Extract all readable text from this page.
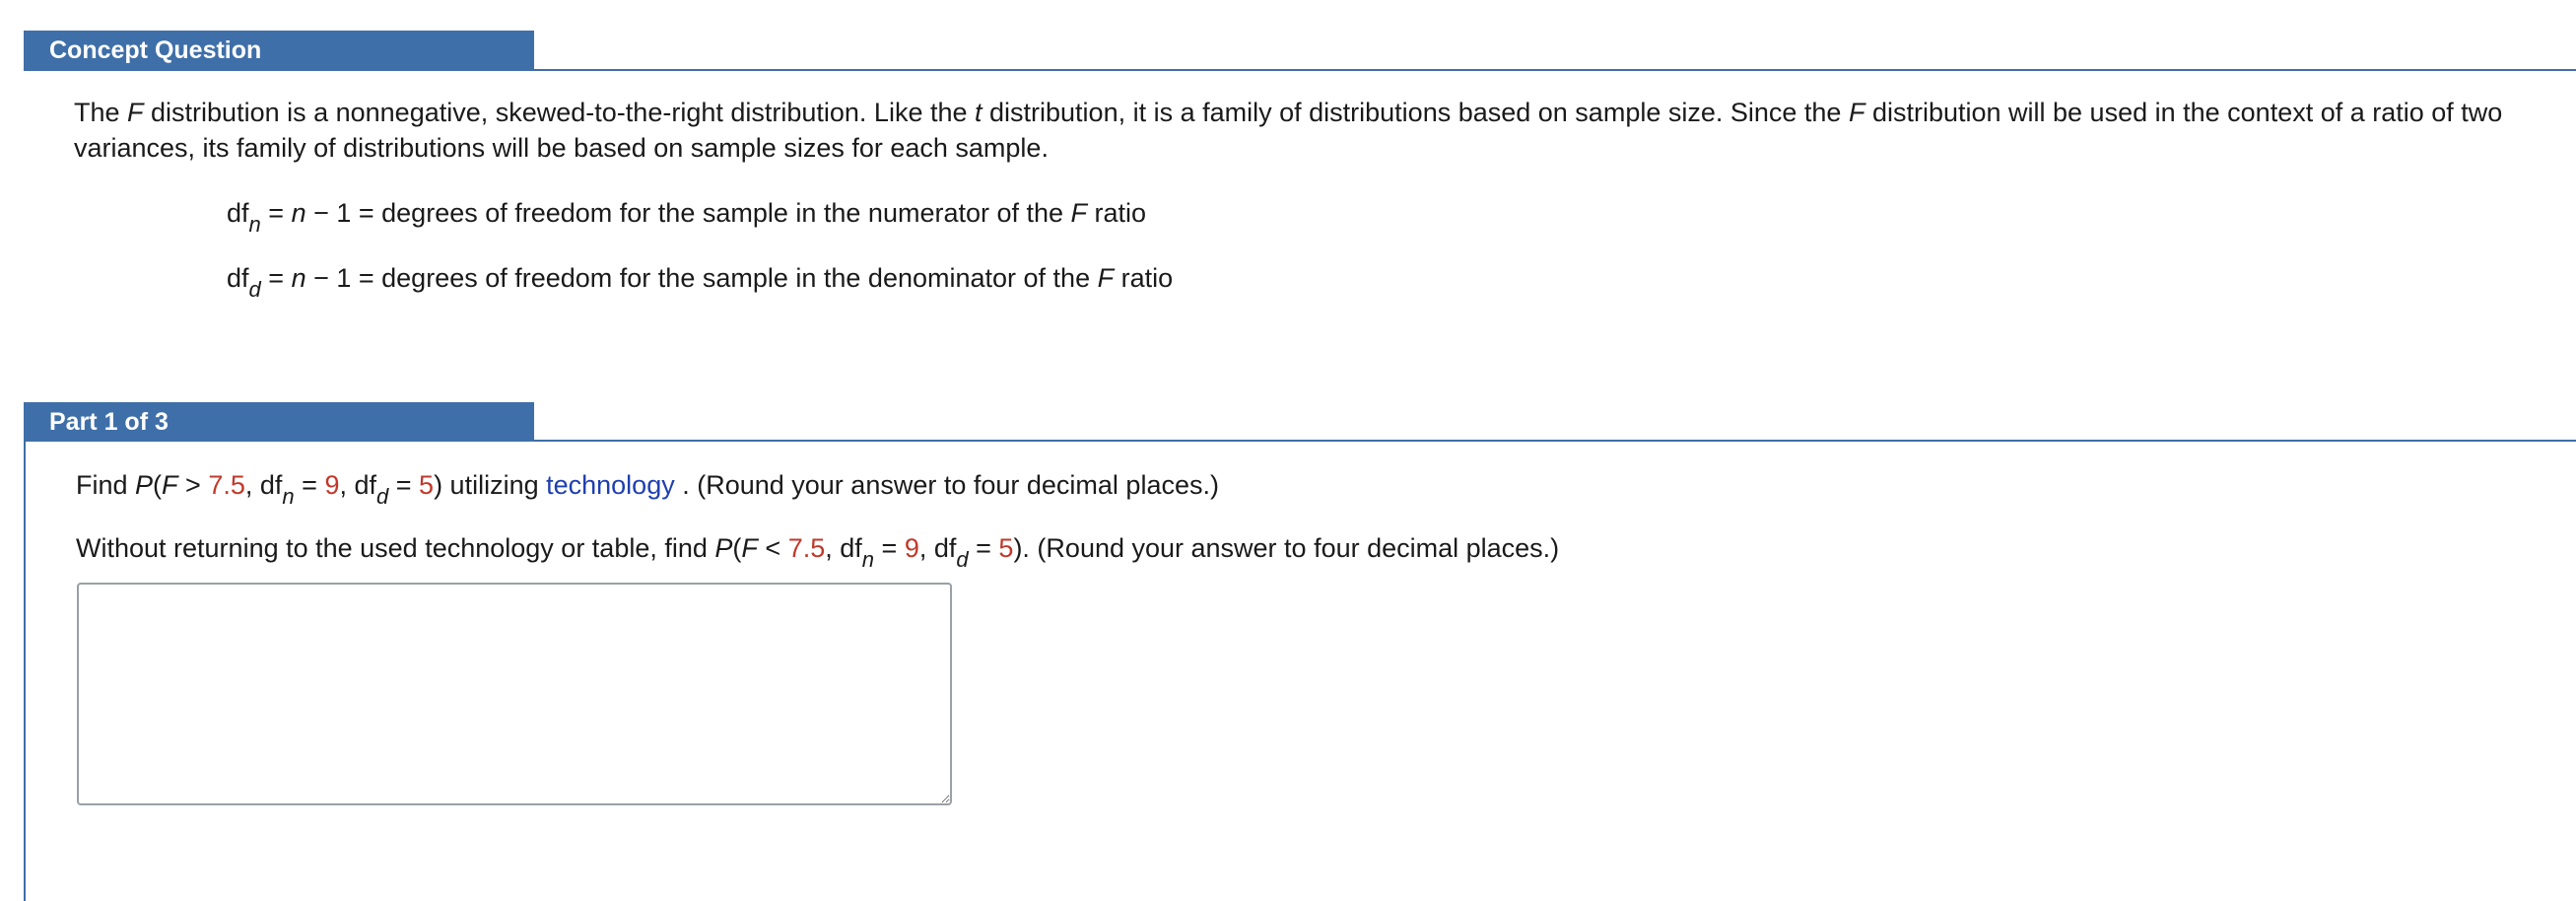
Concept Question
The F distribution is a nonnegative, skewed-to-the-right distribution. Like the t distribution, it is a family of distributions based on sample size. Since the F distribution will be used in the context of a ratio of two variances, its family of distributions will be based on sample sizes for each sample.
$df_n = n - 1$ = degrees of freedom for the sample in the numerator of the F ratio
$df_d = n - 1$ = degrees of freedom for the sample in the denominator of the F ratio
Part 1 of 3
Find P(F > 7.5, $df_n = 9$, $df_d = 5$) utilizing technology . (Round your answer to four decimal places.)
Without returning to the used technology or table, find P(F < 7.5, $df_n = 9$, $df_d = 5$). (Round your answer to four decimal places.)
